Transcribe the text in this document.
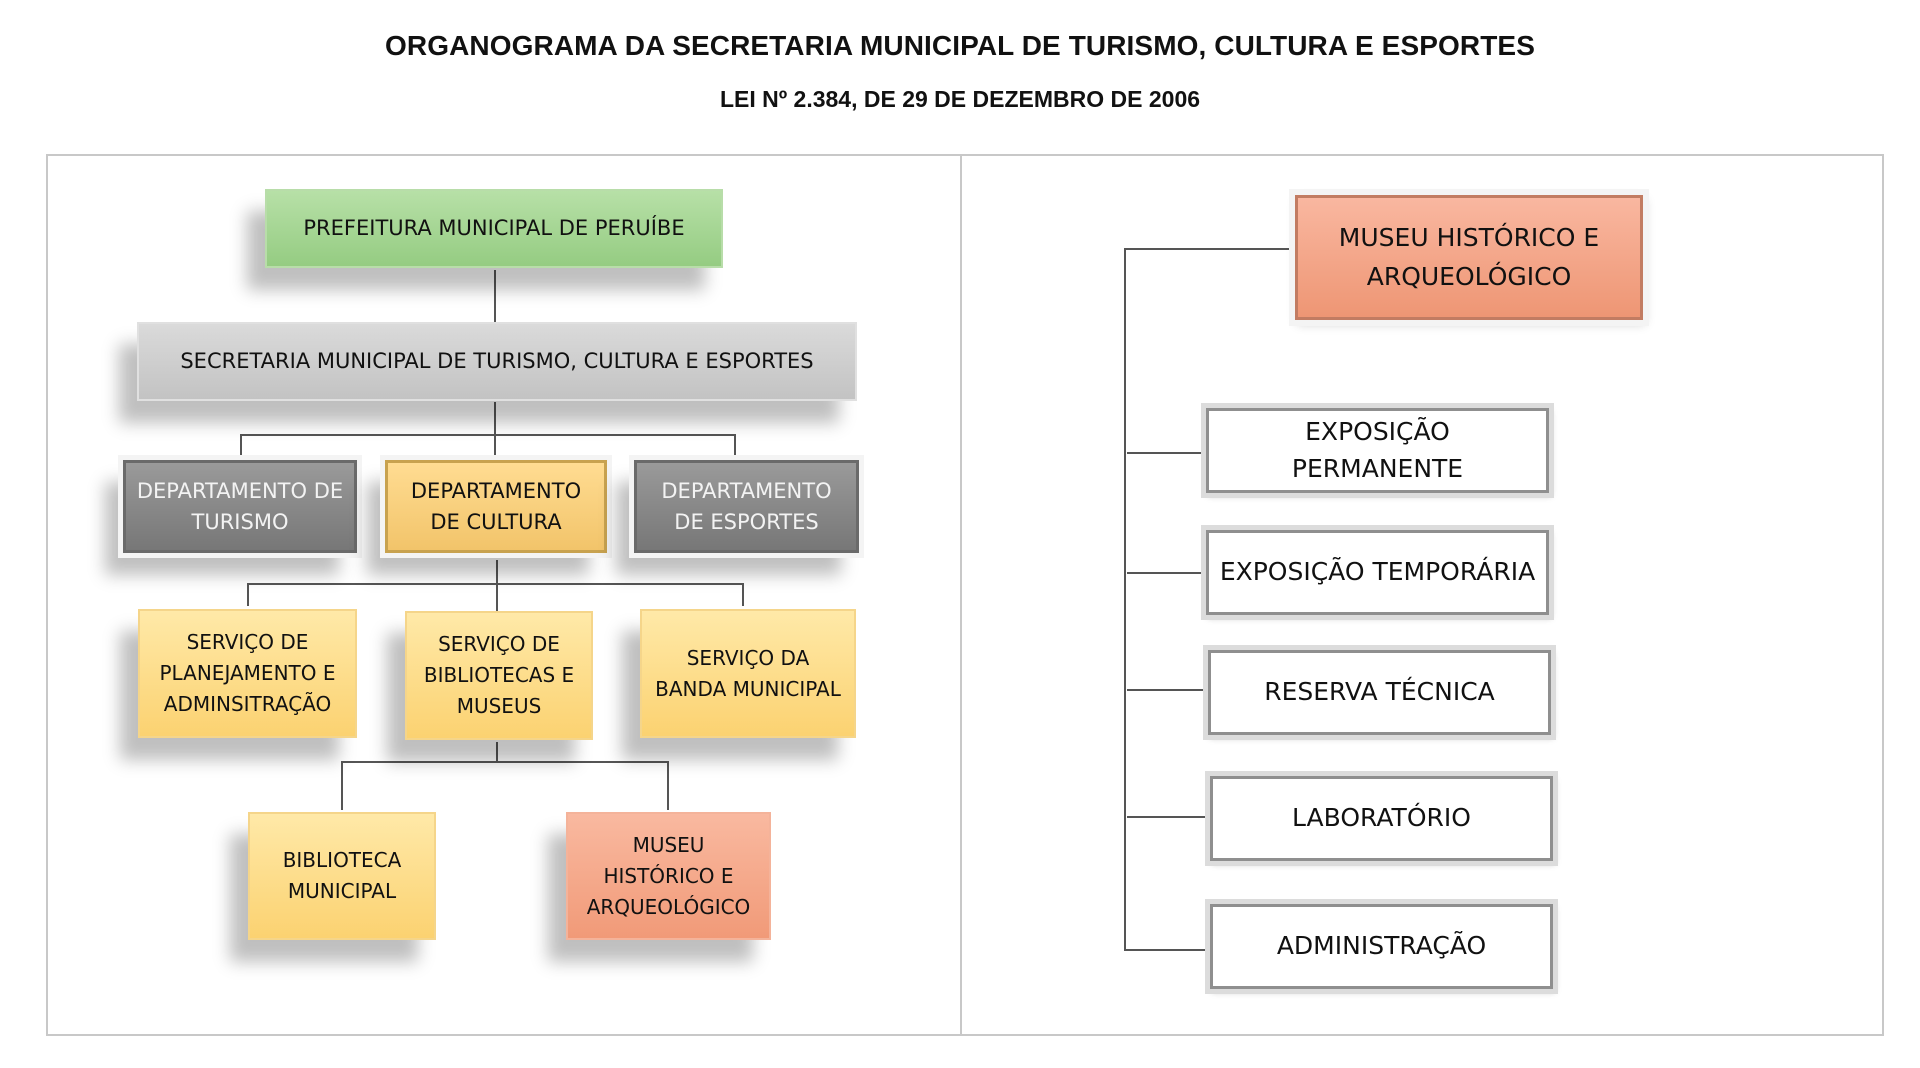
ORGANOGRAMA DA SECRETARIA MUNICIPAL DE TURISMO, CULTURA E ESPORTES
LEI Nº 2.384, DE 29 DE DEZEMBRO DE 2006
PREFEITURA MUNICIPAL DE PERUÍBE
SECRETARIA MUNICIPAL DE TURISMO, CULTURA E ESPORTES
DEPARTAMENTO DE TURISMO
DEPARTAMENTO DE CULTURA
DEPARTAMENTO DE ESPORTES
SERVIÇO DE PLANEJAMENTO E ADMINSITRAÇÃO
SERVIÇO DE BIBLIOTECAS E MUSEUS
SERVIÇO DA BANDA MUNICIPAL
BIBLIOTECA MUNICIPAL
MUSEU HISTÓRICO E ARQUEOLÓGICO
MUSEU HISTÓRICO E ARQUEOLÓGICO
EXPOSIÇÃO PERMANENTE
EXPOSIÇÃO TEMPORÁRIA
RESERVA TÉCNICA
LABORATÓRIO
ADMINISTRAÇÃO
